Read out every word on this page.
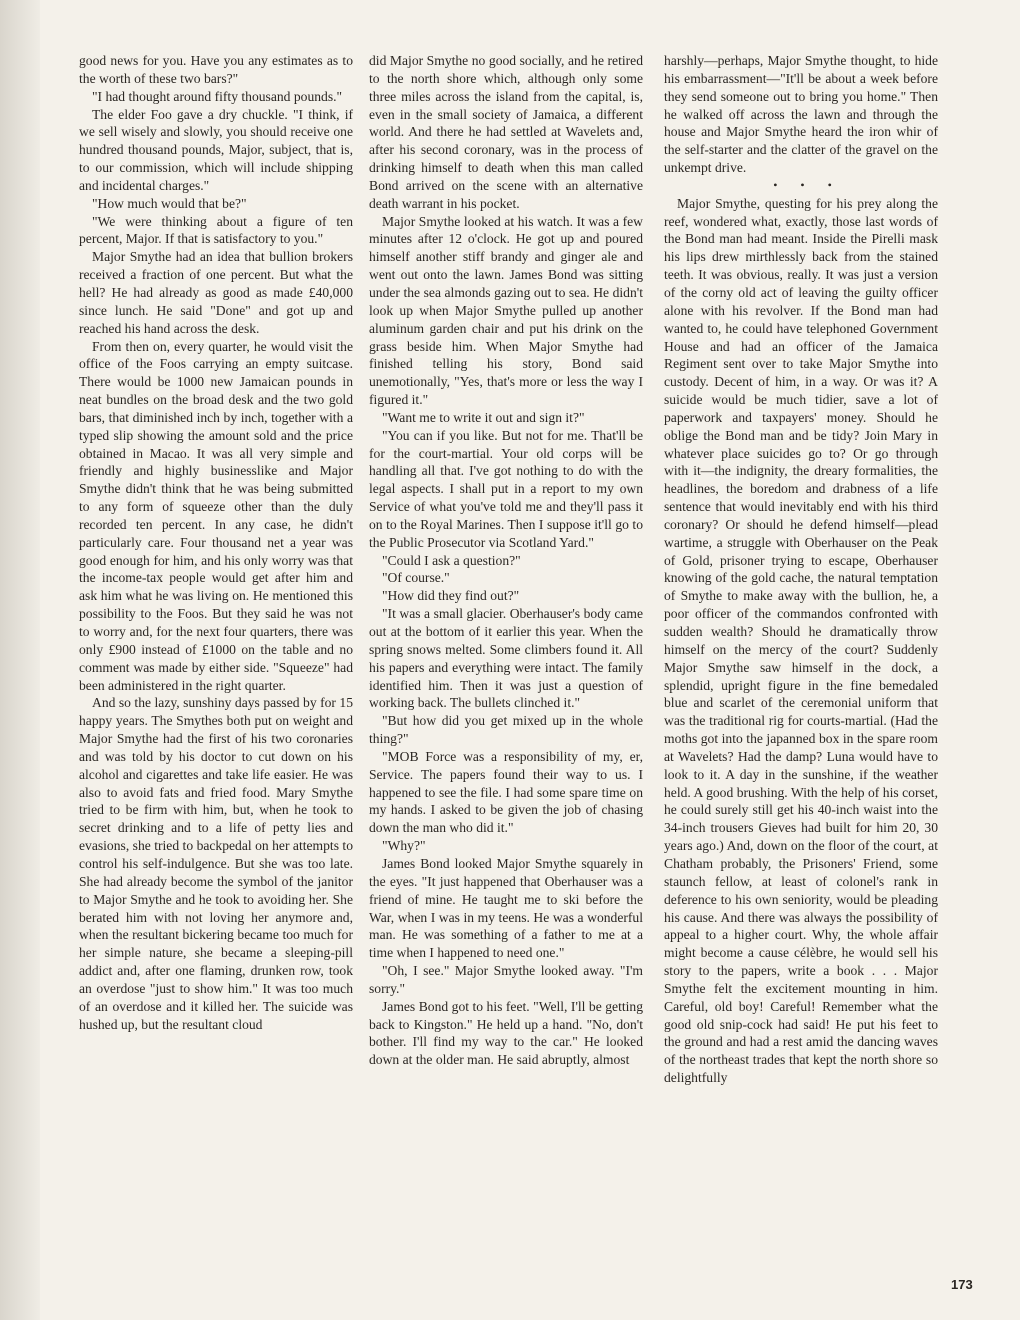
good news for you. Have you any estimates as to the worth of these two bars?"

"I had thought around fifty thousand pounds."

The elder Foo gave a dry chuckle. "I think, if we sell wisely and slowly, you should receive one hundred thousand pounds, Major, subject, that is, to our commission, which will include shipping and incidental charges."

"How much would that be?"

"We were thinking about a figure of ten percent, Major. If that is satisfactory to you."

Major Smythe had an idea that bullion brokers received a fraction of one percent. But what the hell? He had already as good as made £40,000 since lunch. He said "Done" and got up and reached his hand across the desk.

From then on, every quarter, he would visit the office of the Foos carrying an empty suitcase. There would be 1000 new Jamaican pounds in neat bundles on the broad desk and the two gold bars, that diminished inch by inch, together with a typed slip showing the amount sold and the price obtained in Macao. It was all very simple and friendly and highly businesslike and Major Smythe didn't think that he was being submitted to any form of squeeze other than the duly recorded ten percent. In any case, he didn't particularly care. Four thousand net a year was good enough for him, and his only worry was that the income-tax people would get after him and ask him what he was living on. He mentioned this possibility to the Foos. But they said he was not to worry and, for the next four quarters, there was only £900 instead of £1000 on the table and no comment was made by either side. "Squeeze" had been administered in the right quarter.

And so the lazy, sunshiny days passed by for 15 happy years. The Smythes both put on weight and Major Smythe had the first of his two coronaries and was told by his doctor to cut down on his alcohol and cigarettes and take life easier. He was also to avoid fats and fried food. Mary Smythe tried to be firm with him, but, when he took to secret drinking and to a life of petty lies and evasions, she tried to backpedal on her attempts to control his self-indulgence. But she was too late. She had already become the symbol of the janitor to Major Smythe and he took to avoiding her. She berated him with not loving her anymore and, when the resultant bickering became too much for her simple nature, she became a sleeping-pill addict and, after one flaming, drunken row, took an overdose "just to show him." It was too much of an overdose and it killed her. The suicide was hushed up, but the resultant cloud

did Major Smythe no good socially, and he retired to the north shore which, although only some three miles across the island from the capital, is, even in the small society of Jamaica, a different world. And there he had settled at Wavelets and, after his second coronary, was in the process of drinking himself to death when this man called Bond arrived on the scene with an alternative death warrant in his pocket.

Major Smythe looked at his watch. It was a few minutes after 12 o'clock. He got up and poured himself another stiff brandy and ginger ale and went out onto the lawn. James Bond was sitting under the sea almonds gazing out to sea. He didn't look up when Major Smythe pulled up another aluminum garden chair and put his drink on the grass beside him. When Major Smythe had finished telling his story, Bond said unemotionally, "Yes, that's more or less the way I figured it."

"Want me to write it out and sign it?"

"You can if you like. But not for me. That'll be for the court-martial. Your old corps will be handling all that. I've got nothing to do with the legal aspects. I shall put in a report to my own Service of what you've told me and they'll pass it on to the Royal Marines. Then I suppose it'll go to the Public Prosecutor via Scotland Yard."

"Could I ask a question?"

"Of course."

"How did they find out?"

"It was a small glacier. Oberhauser's body came out at the bottom of it earlier this year. When the spring snows melted. Some climbers found it. All his papers and everything were intact. The family identified him. Then it was just a question of working back. The bullets clinched it."

"But how did you get mixed up in the whole thing?"

"MOB Force was a responsibility of my, er, Service. The papers found their way to us. I happened to see the file. I had some spare time on my hands. I asked to be given the job of chasing down the man who did it."

"Why?"

James Bond looked Major Smythe squarely in the eyes. "It just happened that Oberhauser was a friend of mine. He taught me to ski before the War, when I was in my teens. He was a wonderful man. He was something of a father to me at a time when I happened to need one."

"Oh, I see." Major Smythe looked away. "I'm sorry."

James Bond got to his feet. "Well, I'll be getting back to Kingston." He held up a hand. "No, don't bother. I'll find my way to the car." He looked down at the older man. He said abruptly, almost

harshly—perhaps, Major Smythe thought, to hide his embarrassment—"It'll be about a week before they send someone out to bring you home." Then he walked off across the lawn and through the house and Major Smythe heard the iron whir of the self-starter and the clatter of the gravel on the unkempt drive.

• • •

Major Smythe, questing for his prey along the reef, wondered what, exactly, those last words of the Bond man had meant. Inside the Pirelli mask his lips drew mirthlessly back from the stained teeth. It was obvious, really. It was just a version of the corny old act of leaving the guilty officer alone with his revolver. If the Bond man had wanted to, he could have telephoned Government House and had an officer of the Jamaica Regiment sent over to take Major Smythe into custody. Decent of him, in a way. Or was it? A suicide would be much tidier, save a lot of paperwork and taxpayers' money. Should he oblige the Bond man and be tidy? Join Mary in whatever place suicides go to? Or go through with it—the indignity, the dreary formalities, the headlines, the boredom and drabness of a life sentence that would inevitably end with his third coronary? Or should he defend himself—plead wartime, a struggle with Oberhauser on the Peak of Gold, prisoner trying to escape, Oberhauser knowing of the gold cache, the natural temptation of Smythe to make away with the bullion, he, a poor officer of the commandos confronted with sudden wealth? Should he dramatically throw himself on the mercy of the court? Suddenly Major Smythe saw himself in the dock, a splendid, upright figure in the fine bemedaled blue and scarlet of the ceremonial uniform that was the traditional rig for courts-martial. (Had the moths got into the japanned box in the spare room at Wavelets? Had the damp? Luna would have to look to it. A day in the sunshine, if the weather held. A good brushing. With the help of his corset, he could surely still get his 40-inch waist into the 34-inch trousers Gieves had built for him 20, 30 years ago.) And, down on the floor of the court, at Chatham probably, the Prisoners' Friend, some staunch fellow, at least of colonel's rank in deference to his own seniority, would be pleading his cause. And there was always the possibility of appeal to a higher court. Why, the whole affair might become a cause célèbre, he would sell his story to the papers, write a book . . . Major Smythe felt the excitement mounting in him. Careful, old boy! Careful! Remember what the good old snip-cock had said! He put his feet to the ground and had a rest amid the dancing waves of the northeast trades that kept the north shore so delightfully

173
